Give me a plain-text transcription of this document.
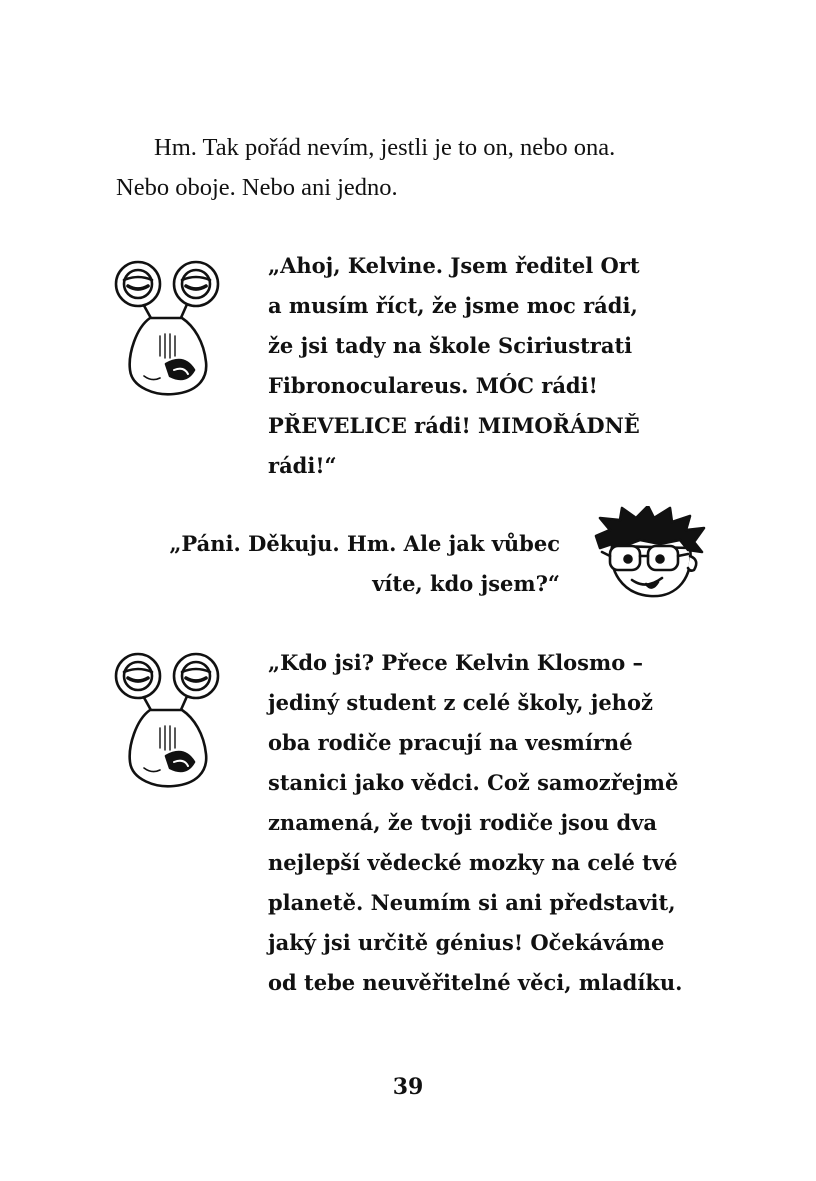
Hm. Tak pořád nevím, jestli je to on, nebo ona.
Nebo oboje. Nebo ani jedno.
„Ahoj, Kelvine. Jsem ředitel Ort
a musím říct, že jsme moc rádi,
že jsi tady na škole Sciriustrati
Fibronoculareus. MÓC rádi!
PŘEVELICE rádi! MIMOŘÁDNĚ
rádi!“
„Páni. Děkuju. Hm. Ale jak vůbec
víte, kdo jsem?“
„Kdo jsi? Přece Kelvin Klosmo –
jediný student z celé školy, jehož
oba rodiče pracují na vesmírné
stanici jako vědci. Což samozřejmě
znamená, že tvoji rodiče jsou dva
nejlepší vědecké mozky na celé tvé
planetě. Neumím si ani představit,
jaký jsi určitě génius! Očekáváme
od tebe neuvěřitelné věci, mladíku.
39
